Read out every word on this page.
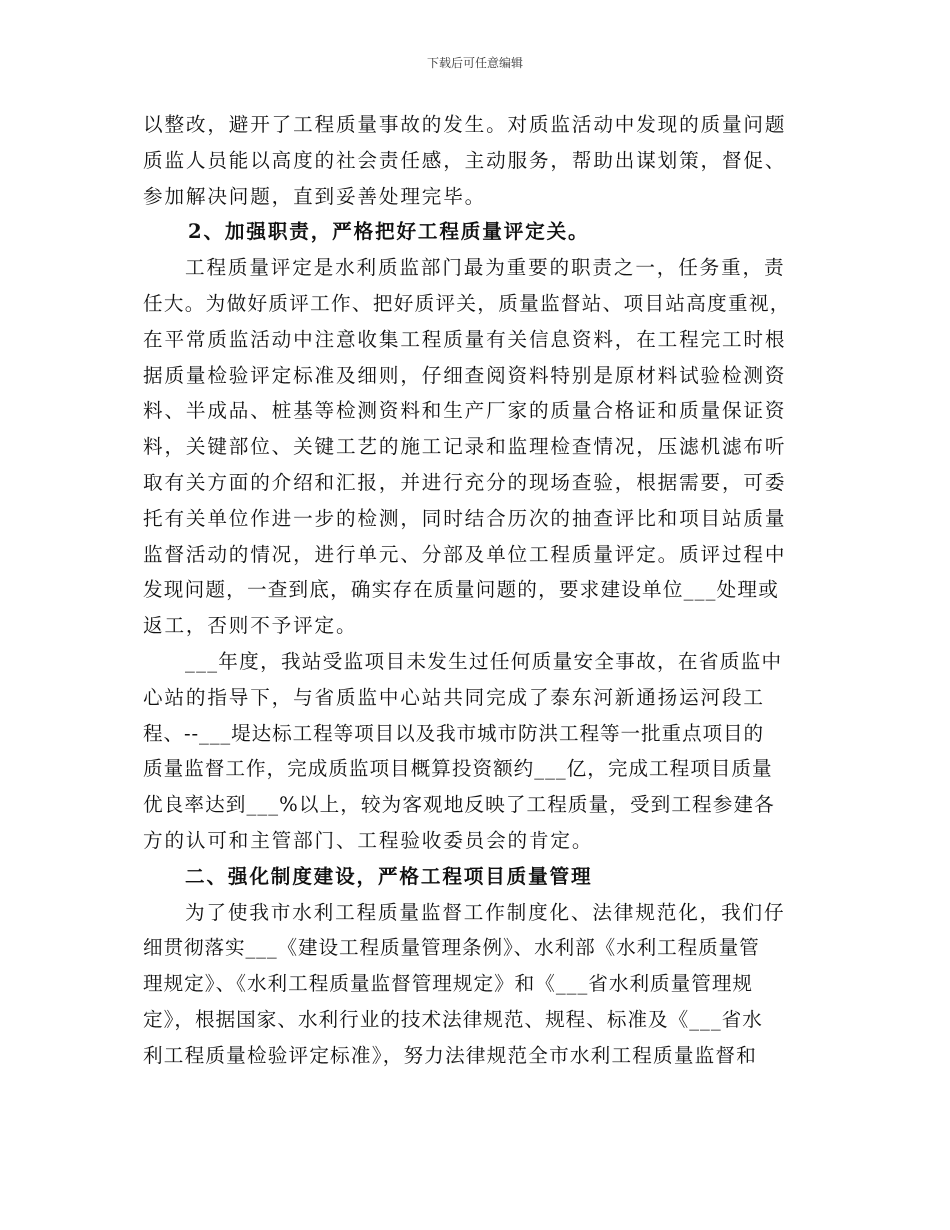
下载后可任意编辑
以整改，避开了工程质量事故的发生。对质监活动中发现的质量问题
质监人员能以高度的社会责任感，主动服务，帮助出谋划策，督促、
参加解决问题，直到妥善处理完毕。
2、加强职责，严格把好工程质量评定关。
工程质量评定是水利质监部门最为重要的职责之一，任务重，责
任大。为做好质评工作、把好质评关，质量监督站、项目站高度重视，
在平常质监活动中注意收集工程质量有关信息资料，在工程完工时根
据质量检验评定标准及细则，仔细查阅资料特别是原材料试验检测资
料、半成品、桩基等检测资料和生产厂家的质量合格证和质量保证资
料，关键部位、关键工艺的施工记录和监理检查情况，压滤机滤布听
取有关方面的介绍和汇报，并进行充分的现场查验，根据需要，可委
托有关单位作进一步的检测，同时结合历次的抽查评比和项目站质量
监督活动的情况，进行单元、分部及单位工程质量评定。质评过程中
发现问题，一查到底，确实存在质量问题的，要求建设单位___处理或
返工，否则不予评定。
___年度，我站受监项目未发生过任何质量安全事故，在省质监中
心站的指导下，与省质监中心站共同完成了泰东河新通扬运河段工
程、--___堤达标工程等项目以及我市城市防洪工程等一批重点项目的
质量监督工作，完成质监项目概算投资额约___亿，完成工程项目质量
优良率达到___%以上，较为客观地反映了工程质量，受到工程参建各
方的认可和主管部门、工程验收委员会的肯定。
二、强化制度建设，严格工程项目质量管理
为了使我市水利工程质量监督工作制度化、法律规范化，我们仔
细贯彻落实___《建设工程质量管理条例》、水利部《水利工程质量管
理规定》、《水利工程质量监督管理规定》和《___省水利质量管理规
定》，根据国家、水利行业的技术法律规范、规程、标准及《___省水
利工程质量检验评定标准》，努力法律规范全市水利工程质量监督和
